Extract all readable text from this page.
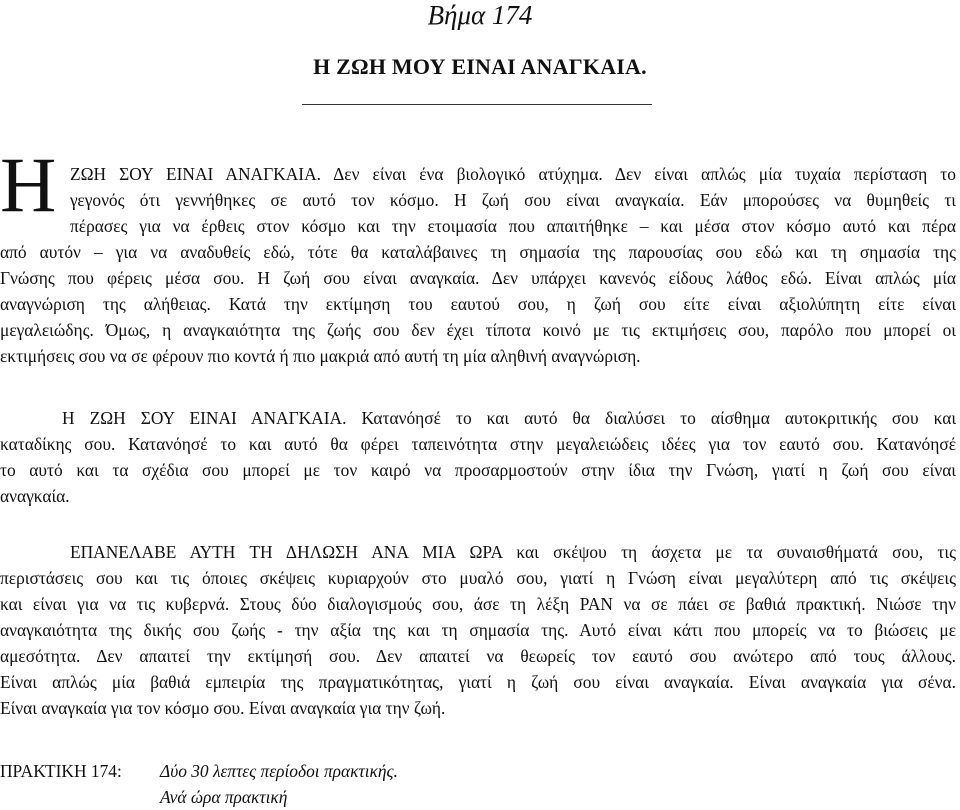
Βήμα 174
Η ΖΩΗ ΜΟΥ ΕΙΝΑΙ ΑΝΑΓΚΑΙΑ.
Η ΖΩΗ ΣΟΥ ΕΙΝΑΙ ΑΝΑΓΚΑΙΑ. Δεν είναι ένα βιολογικό ατύχημα. Δεν είναι απλώς μία τυχαία περίσταση το
γεγονός ότι γεννήθηκες σε αυτό τον κόσμο. Η ζωή σου είναι αναγκαία. Εάν μπορούσες να θυμηθείς τι
πέρασες για να έρθεις στον κόσμο και την ετοιμασία που απαιτήθηκε – και μέσα στον κόσμο αυτό και πέρα
από αυτόν – για να αναδυθείς εδώ, τότε θα καταλάβαινες τη σημασία της παρουσίας σου εδώ και τη σημασία της
Γνώσης που φέρεις μέσα σου. Η ζωή σου είναι αναγκαία. Δεν υπάρχει κανενός είδους λάθος εδώ. Είναι απλώς μία
αναγνώριση της αλήθειας. Κατά την εκτίμηση του εαυτού σου, η ζωή σου είτε είναι αξιολύπητη είτε είναι
μεγαλειώδης. Όμως, η αναγκαιότητα της ζωής σου δεν έχει τίποτα κοινό με τις εκτιμήσεις σου, παρόλο που μπορεί οι
εκτιμήσεις σου να σε φέρουν πιο κοντά ή πιο μακριά από αυτή τη μία αληθινή αναγνώριση.
Η ΖΩΗ ΣΟΥ ΕΙΝΑΙ ΑΝΑΓΚΑΙΑ. Κατανόησέ το και αυτό θα διαλύσει το αίσθημα αυτοκριτικής σου και
καταδίκης σου. Κατανόησέ το και αυτό θα φέρει ταπεινότητα στην μεγαλειώδεις ιδέες για τον εαυτό σου. Κατανόησέ
το αυτό και τα σχέδια σου μπορεί με τον καιρό να προσαρμοστούν στην ίδια την Γνώση, γιατί η ζωή σου είναι
αναγκαία.
ΕΠΑΝΕΛΑΒΕ ΑΥΤΗ ΤΗ ΔΗΛΩΣΗ ΑΝΑ ΜΙΑ ΩΡΑ και σκέψου τη άσχετα με τα συναισθήματά σου, τις
περιστάσεις σου και τις όποιες σκέψεις κυριαρχούν στο μυαλό σου, γιατί η Γνώση είναι μεγαλύτερη από τις σκέψεις
και είναι για να τις κυβερνά. Στους δύο διαλογισμούς σου, άσε τη λέξη ΡΑΝ να σε πάει σε βαθιά πρακτική. Νιώσε την
αναγκαιότητα της δικής σου ζωής - την αξία της και τη σημασία της. Αυτό είναι κάτι που μπορείς να το βιώσεις με
αμεσότητα. Δεν απαιτεί την εκτίμησή σου. Δεν απαιτεί να θεωρείς τον εαυτό σου ανώτερο από τους άλλους.
Είναι απλώς μία βαθιά εμπειρία της πραγματικότητας, γιατί η ζωή σου είναι αναγκαία. Είναι αναγκαία για σένα.
Είναι αναγκαία για τον κόσμο σου. Είναι αναγκαία για την ζωή.
ΠΡΑΚΤΙΚΗ 174: Δύο 30 λεπτες περίοδοι πρακτικής.
Ανά ώρα πρακτική
